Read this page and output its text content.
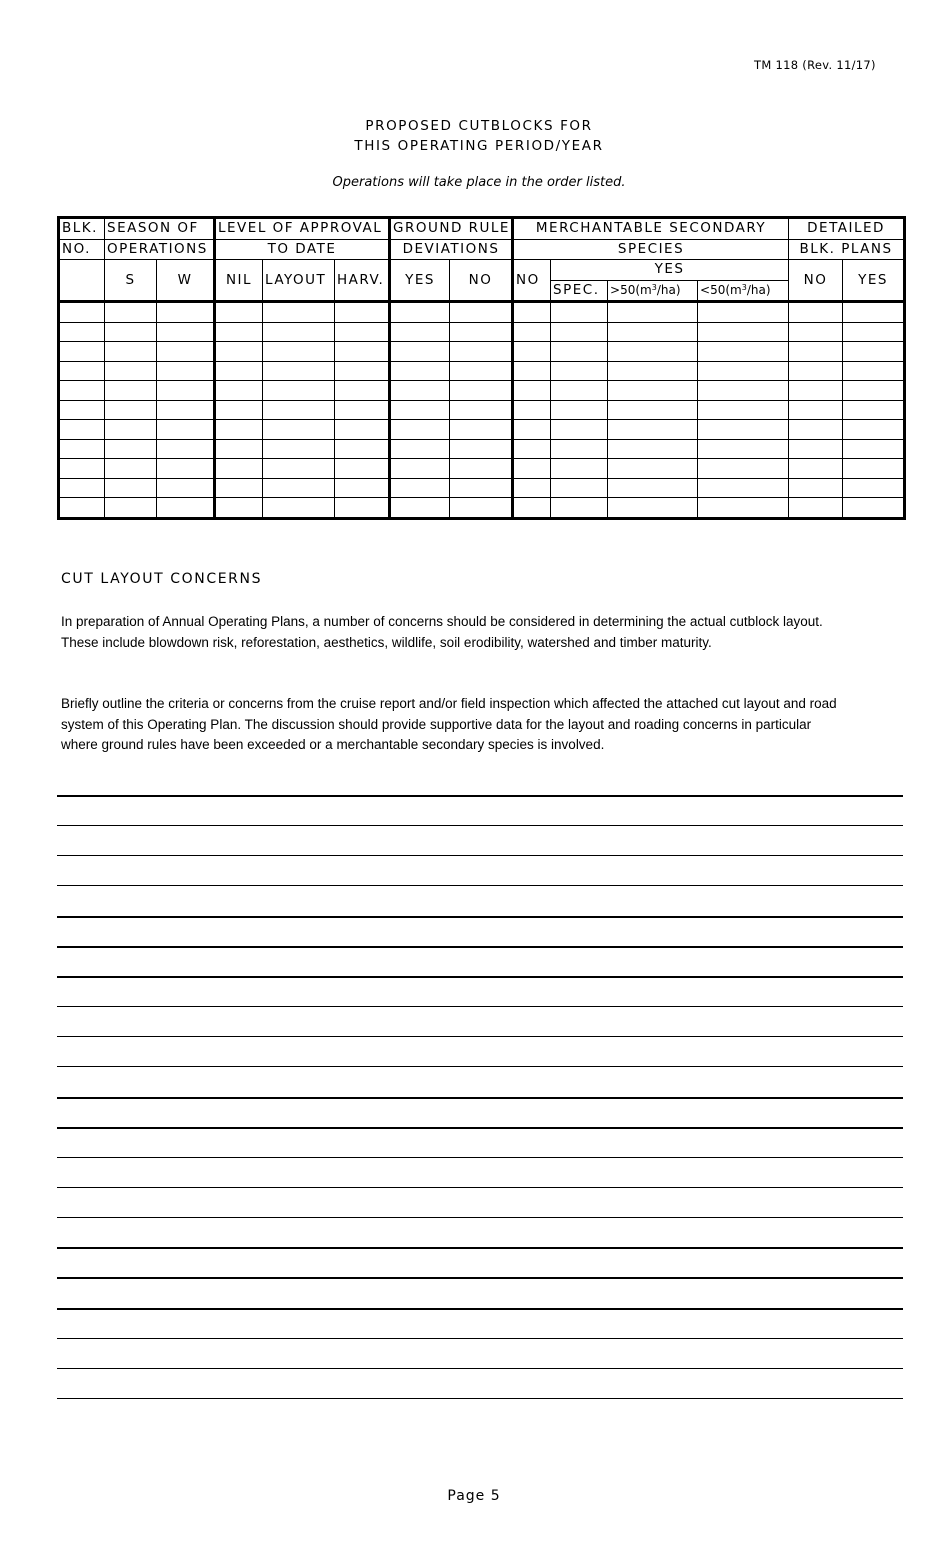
TM 118 (Rev. 11/17)
PROPOSED CUTBLOCKS FOR
THIS OPERATING PERIOD/YEAR
Operations will take place in the order listed.
BLK.	SEASON OF		LEVEL OF APPROVAL			GROUND RULE		MERCHANTABLE SECONDARY				DETAILED	
NO.	OPERATIONS		TO DATE			DEVIATIONS		SPECIES				BLK. PLANS	
	S	W	NIL	LAYOUT	HARV.	YES	NO	NO	YES			NO	YES
									SPEC.	$>50(m^3/ha)$	$<50(m^3/ha)$		

CUT LAYOUT CONCERNS
In preparation of Annual Operating Plans, a number of concerns should be considered in determining the actual cutblock layout. These include blowdown risk, reforestation, aesthetics, wildlife, soil erodibility, watershed and timber maturity.
Briefly outline the criteria or concerns from the cruise report and/or field inspection which affected the attached cut layout and road system of this Operating Plan. The discussion should provide supportive data for the layout and roading concerns in particular where ground rules have been exceeded or a merchantable secondary species is involved.
Page 5
